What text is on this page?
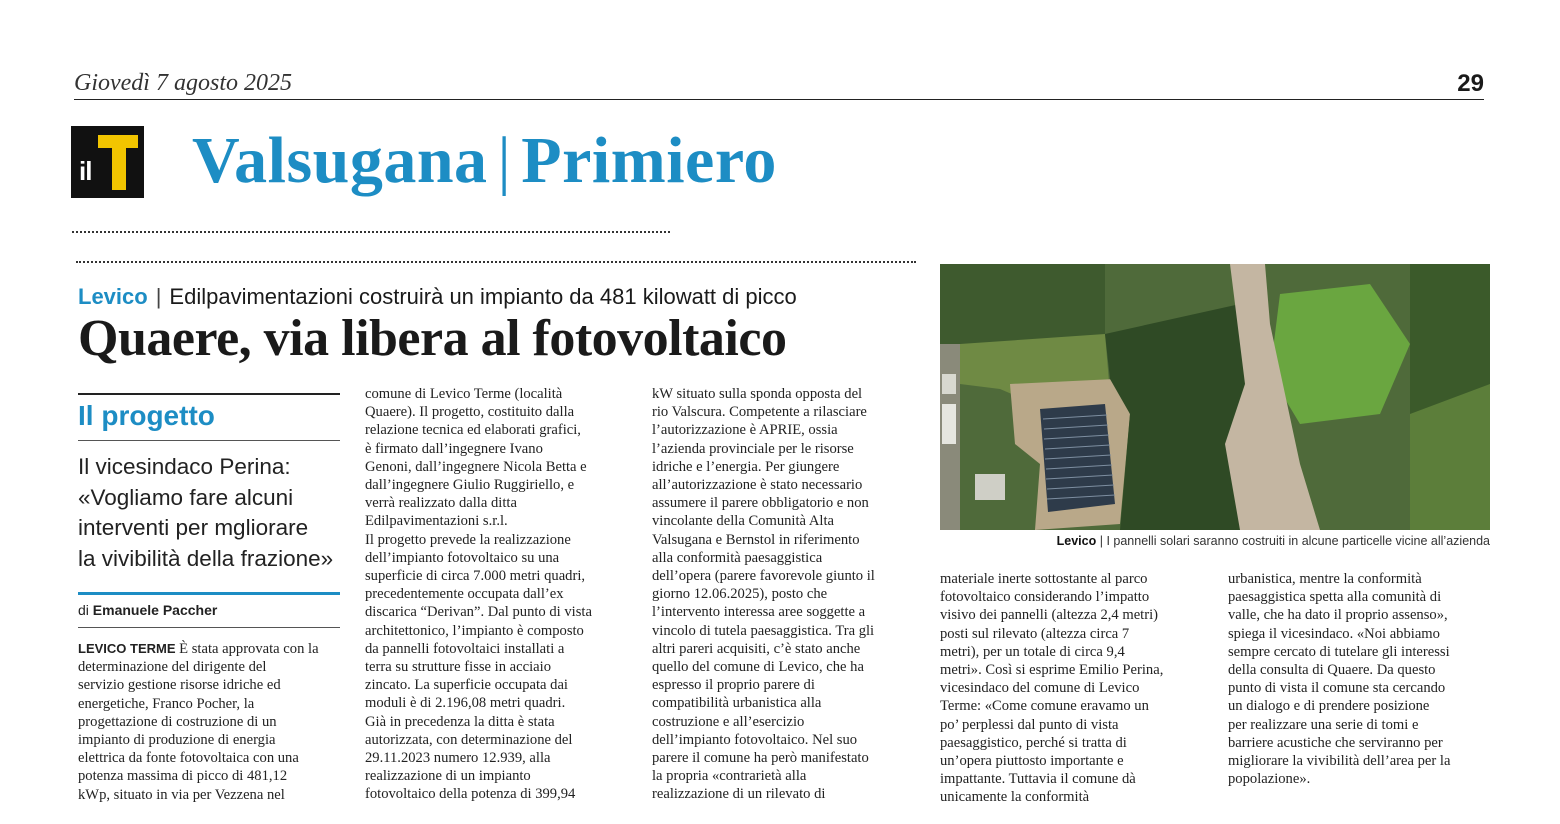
Giovedì 7 agosto 2025	29
il Valsugana | Primiero
Levico | Edilpavimentazioni costruirà un impianto da 481 kilowatt di picco
Quaere, via libera al fotovoltaico
Il progetto
Il vicesindaco Perina:
«Vogliamo fare alcuni
interventi per mgliorare
la vivibilità della frazione»
di Emanuele Paccher
LEVICO TERME È stata approvata con la
determinazione del dirigente del
servizio gestione risorse idriche ed
energetiche, Franco Pocher, la
progettazione di costruzione di un
impianto di produzione di energia
elettrica da fonte fotovoltaica con una
potenza massima di picco di 481,12
kWp, situato in via per Vezzena nel
comune di Levico Terme (località
Quaere). Il progetto, costituito dalla
relazione tecnica ed elaborati grafici,
è firmato dall’ingegnere Ivano
Genoni, dall’ingegnere Nicola Betta e
dall’ingegnere Giulio Ruggiriello, e
verrà realizzato dalla ditta
Edilpavimentazioni s.r.l.
Il progetto prevede la realizzazione
dell’impianto fotovoltaico su una
superficie di circa 7.000 metri quadri,
precedentemente occupata dall’ex
discarica “Derivan”. Dal punto di vista
architettonico, l’impianto è composto
da pannelli fotovoltaici installati a
terra su strutture fisse in acciaio
zincato. La superficie occupata dai
moduli è di 2.196,08 metri quadri.
Già in precedenza la ditta è stata
autorizzata, con determinazione del
29.11.2023 numero 12.939, alla
realizzazione di un impianto
fotovoltaico della potenza di 399,94
kW situato sulla sponda opposta del
rio Valscura. Competente a rilasciare
l’autorizzazione è APRIE, ossia
l’azienda provinciale per le risorse
idriche e l’energia. Per giungere
all’autorizzazione è stato necessario
assumere il parere obbligatorio e non
vincolante della Comunità Alta
Valsugana e Bernstol in riferimento
alla conformità paesaggistica
dell’opera (parere favorevole giunto il
giorno 12.06.2025), posto che
l’intervento interessa aree soggette a
vincolo di tutela paesaggistica. Tra gli
altri pareri acquisiti, c’è stato anche
quello del comune di Levico, che ha
espresso il proprio parere di
compatibilità urbanistica alla
costruzione e all’esercizio
dell’impianto fotovoltaico. Nel suo
parere il comune ha però manifestato
la propria «contrarietà alla
realizzazione di un rilevato di
materiale inerte sottostante al parco
fotovoltaico considerando l’impatto
visivo dei pannelli (altezza 2,4 metri)
posti sul rilevato (altezza circa 7
metri), per un totale di circa 9,4
metri». Così si esprime Emilio Perina,
vicesindaco del comune di Levico
Terme: «Come comune eravamo un
po’ perplessi dal punto di vista
paesaggistico, perché si tratta di
un’opera piuttosto importante e
impattante. Tuttavia il comune dà
unicamente la conformità
urbanistica, mentre la conformità
paesaggistica spetta alla comunità di
valle, che ha dato il proprio assenso»,
spiega il vicesindaco. «Noi abbiamo
sempre cercato di tutelare gli interessi
della consulta di Quaere. Da questo
punto di vista il comune sta cercando
un dialogo e di prendere posizione
per realizzare una serie di tomi e
barriere acustiche che serviranno per
migliorare la vivibilità dell’area per la
popolazione».
Levico | I pannelli solari saranno costruiti in alcune particelle vicine all’azienda
